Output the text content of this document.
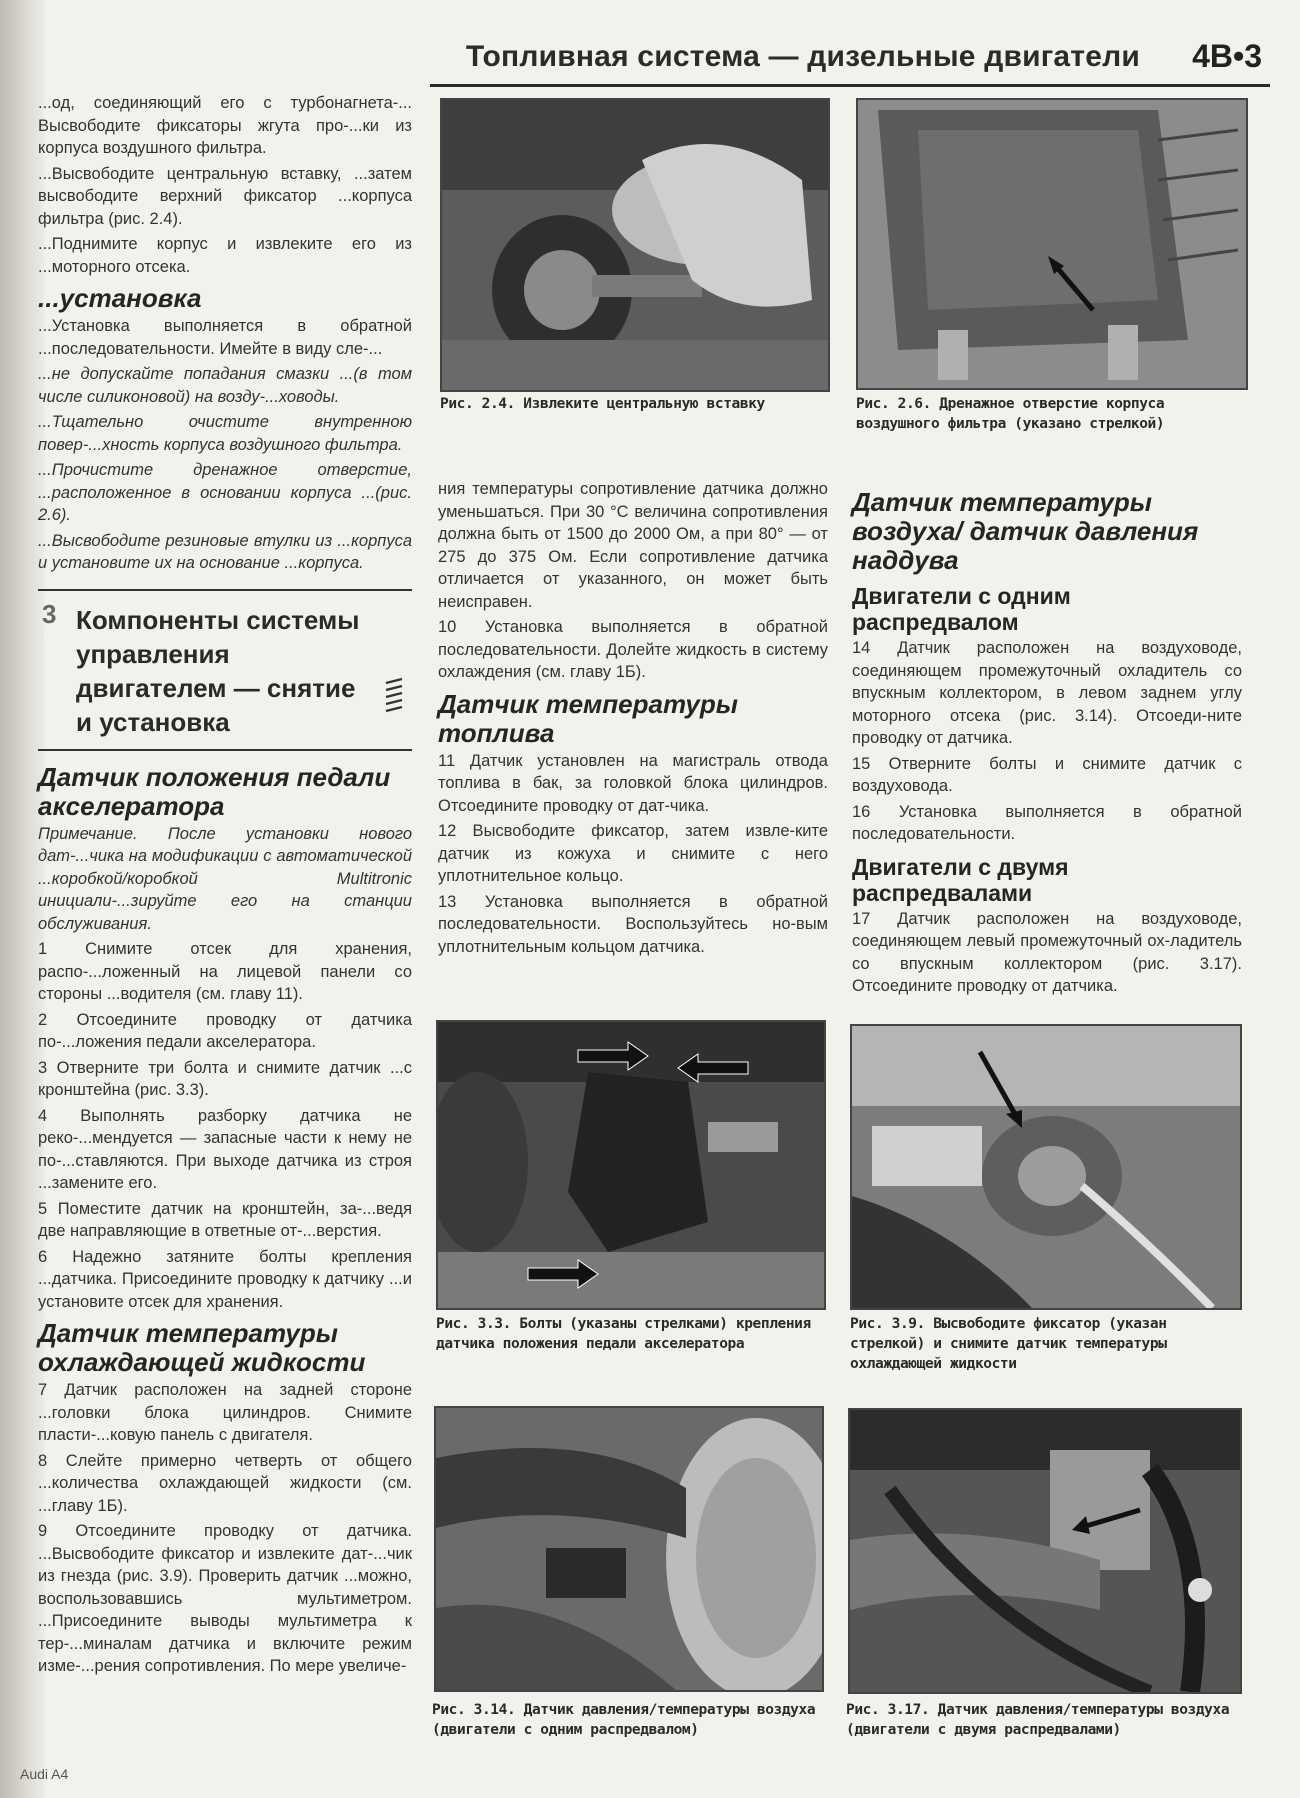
Топливная система — дизельные двигатели 4B•3

...од, соединяющий его с турбонагнета-... Высвободите фиксаторы жгута про-...ки из корпуса воздушного фильтра.

...Высвободите центральную вставку, ...затем высвободите верхний фиксатор ...корпуса фильтра (рис. 2.4).

...Поднимите корпус и извлеките его из ...моторного отсека.

...установка

...Установка выполняется в обратной ...последовательности. Имейте в виду сле-...

...не допускайте попадания смазки ...(в том числе силиконовой) на возду-...ховоды.

...Тщательно очистите внутренною повер-...хность корпуса воздушного фильтра.

...Прочистите дренажное отверстие, ...расположенное в основании корпуса ...(рис. 2.6).

...Высвободите резиновые втулки из ...корпуса и установите их на основание ...корпуса.

3 Компоненты системы управления двигателем — снятие и установка
Датчик положения педали акселератора

Примечание. После установки нового дат-...чика на модификации с автоматической ...коробкой/коробкой Multitronic инициали-...зируйте его на станции обслуживания.

1 Снимите отсек для хранения, распо-...ложенный на лицевой панели со стороны ...водителя (см. главу 11).

2 Отсоедините проводку от датчика по-...ложения педали акселератора.

3 Отверните три болта и снимите датчик ...с кронштейна (рис. 3.3).

4 Выполнять разборку датчика не реко-...мендуется — запасные части к нему не по-...ставляются. При выходе датчика из строя ...замените его.

5 Поместите датчик на кронштейн, за-...ведя две направляющие в ответные от-...верстия.

6 Надежно затяните болты крепления ...датчика. Присоедините проводку к датчику ...и установите отсек для хранения.

Датчик температуры охлаждающей жидкости

7 Датчик расположен на задней стороне ...головки блока цилиндров. Снимите пласти-...ковую панель с двигателя.

8 Слейте примерно четверть от общего ...количества охлаждающей жидкости (см. ...главу 1Б).

9 Отсоедините проводку от датчика. ...Высвободите фиксатор и извлеките дат-...чик из гнезда (рис. 3.9). Проверить датчик ...можно, воспользовавшись мультиметром. ...Присоедините выводы мультиметра к тер-...миналам датчика и включите режим изме-...рения сопротивления. По мере увеличе-

ния температуры сопротивление датчика должно уменьшаться. При 30 °С величина сопротивления должна быть от 1500 до 2000 Ом, а при 80° — от 275 до 375 Ом. Если сопротивление датчика отличается от указанного, он может быть неисправен.

10 Установка выполняется в обратной последовательности. Долейте жидкость в систему охлаждения (см. главу 1Б).

Датчик температуры топлива

11 Датчик установлен на магистраль отвода топлива в бак, за головкой блока цилиндров. Отсоедините проводку от дат-чика.

12 Высвободите фиксатор, затем извле-ките датчик из кожуха и снимите с него уплотнительное кольцо.

13 Установка выполняется в обратной последовательности. Воспользуйтесь но-вым уплотнительным кольцом датчика.

Датчик температуры воздуха/ датчик давления наддува
Двигатели с одним распредвалом

14 Датчик расположен на воздуховоде, соединяющем промежуточный охладитель со впускным коллектором, в левом заднем углу моторного отсека (рис. 3.14). Отсоеди-ните проводку от датчика.

15 Отверните болты и снимите датчик с воздуховода.

16 Установка выполняется в обратной последовательности.

Двигатели с двумя распредвалами

17 Датчик расположен на воздуховоде, соединяющем левый промежуточный ох-ладитель со впускным коллектором (рис. 3.17). Отсоедините проводку от датчика.

Рис. 2.4. Извлеките центральную вставку	Рис. 2.6. Дренажное отверстие корпуса воздушного фильтра (указано стрелкой)
Рис. 3.3. Болты (указаны стрелками) крепления датчика положения педали акселератора
Рис. 3.9. Высвободите фиксатор (указан стрелкой) и снимите датчик температуры охлаждающей жидкости
Рис. 3.14. Датчик давления/температуры воздуха (двигатели с одним распредвалом)
Рис. 3.17. Датчик давления/температуры воздуха (двигатели с двумя распредвалами)
Audi A4
